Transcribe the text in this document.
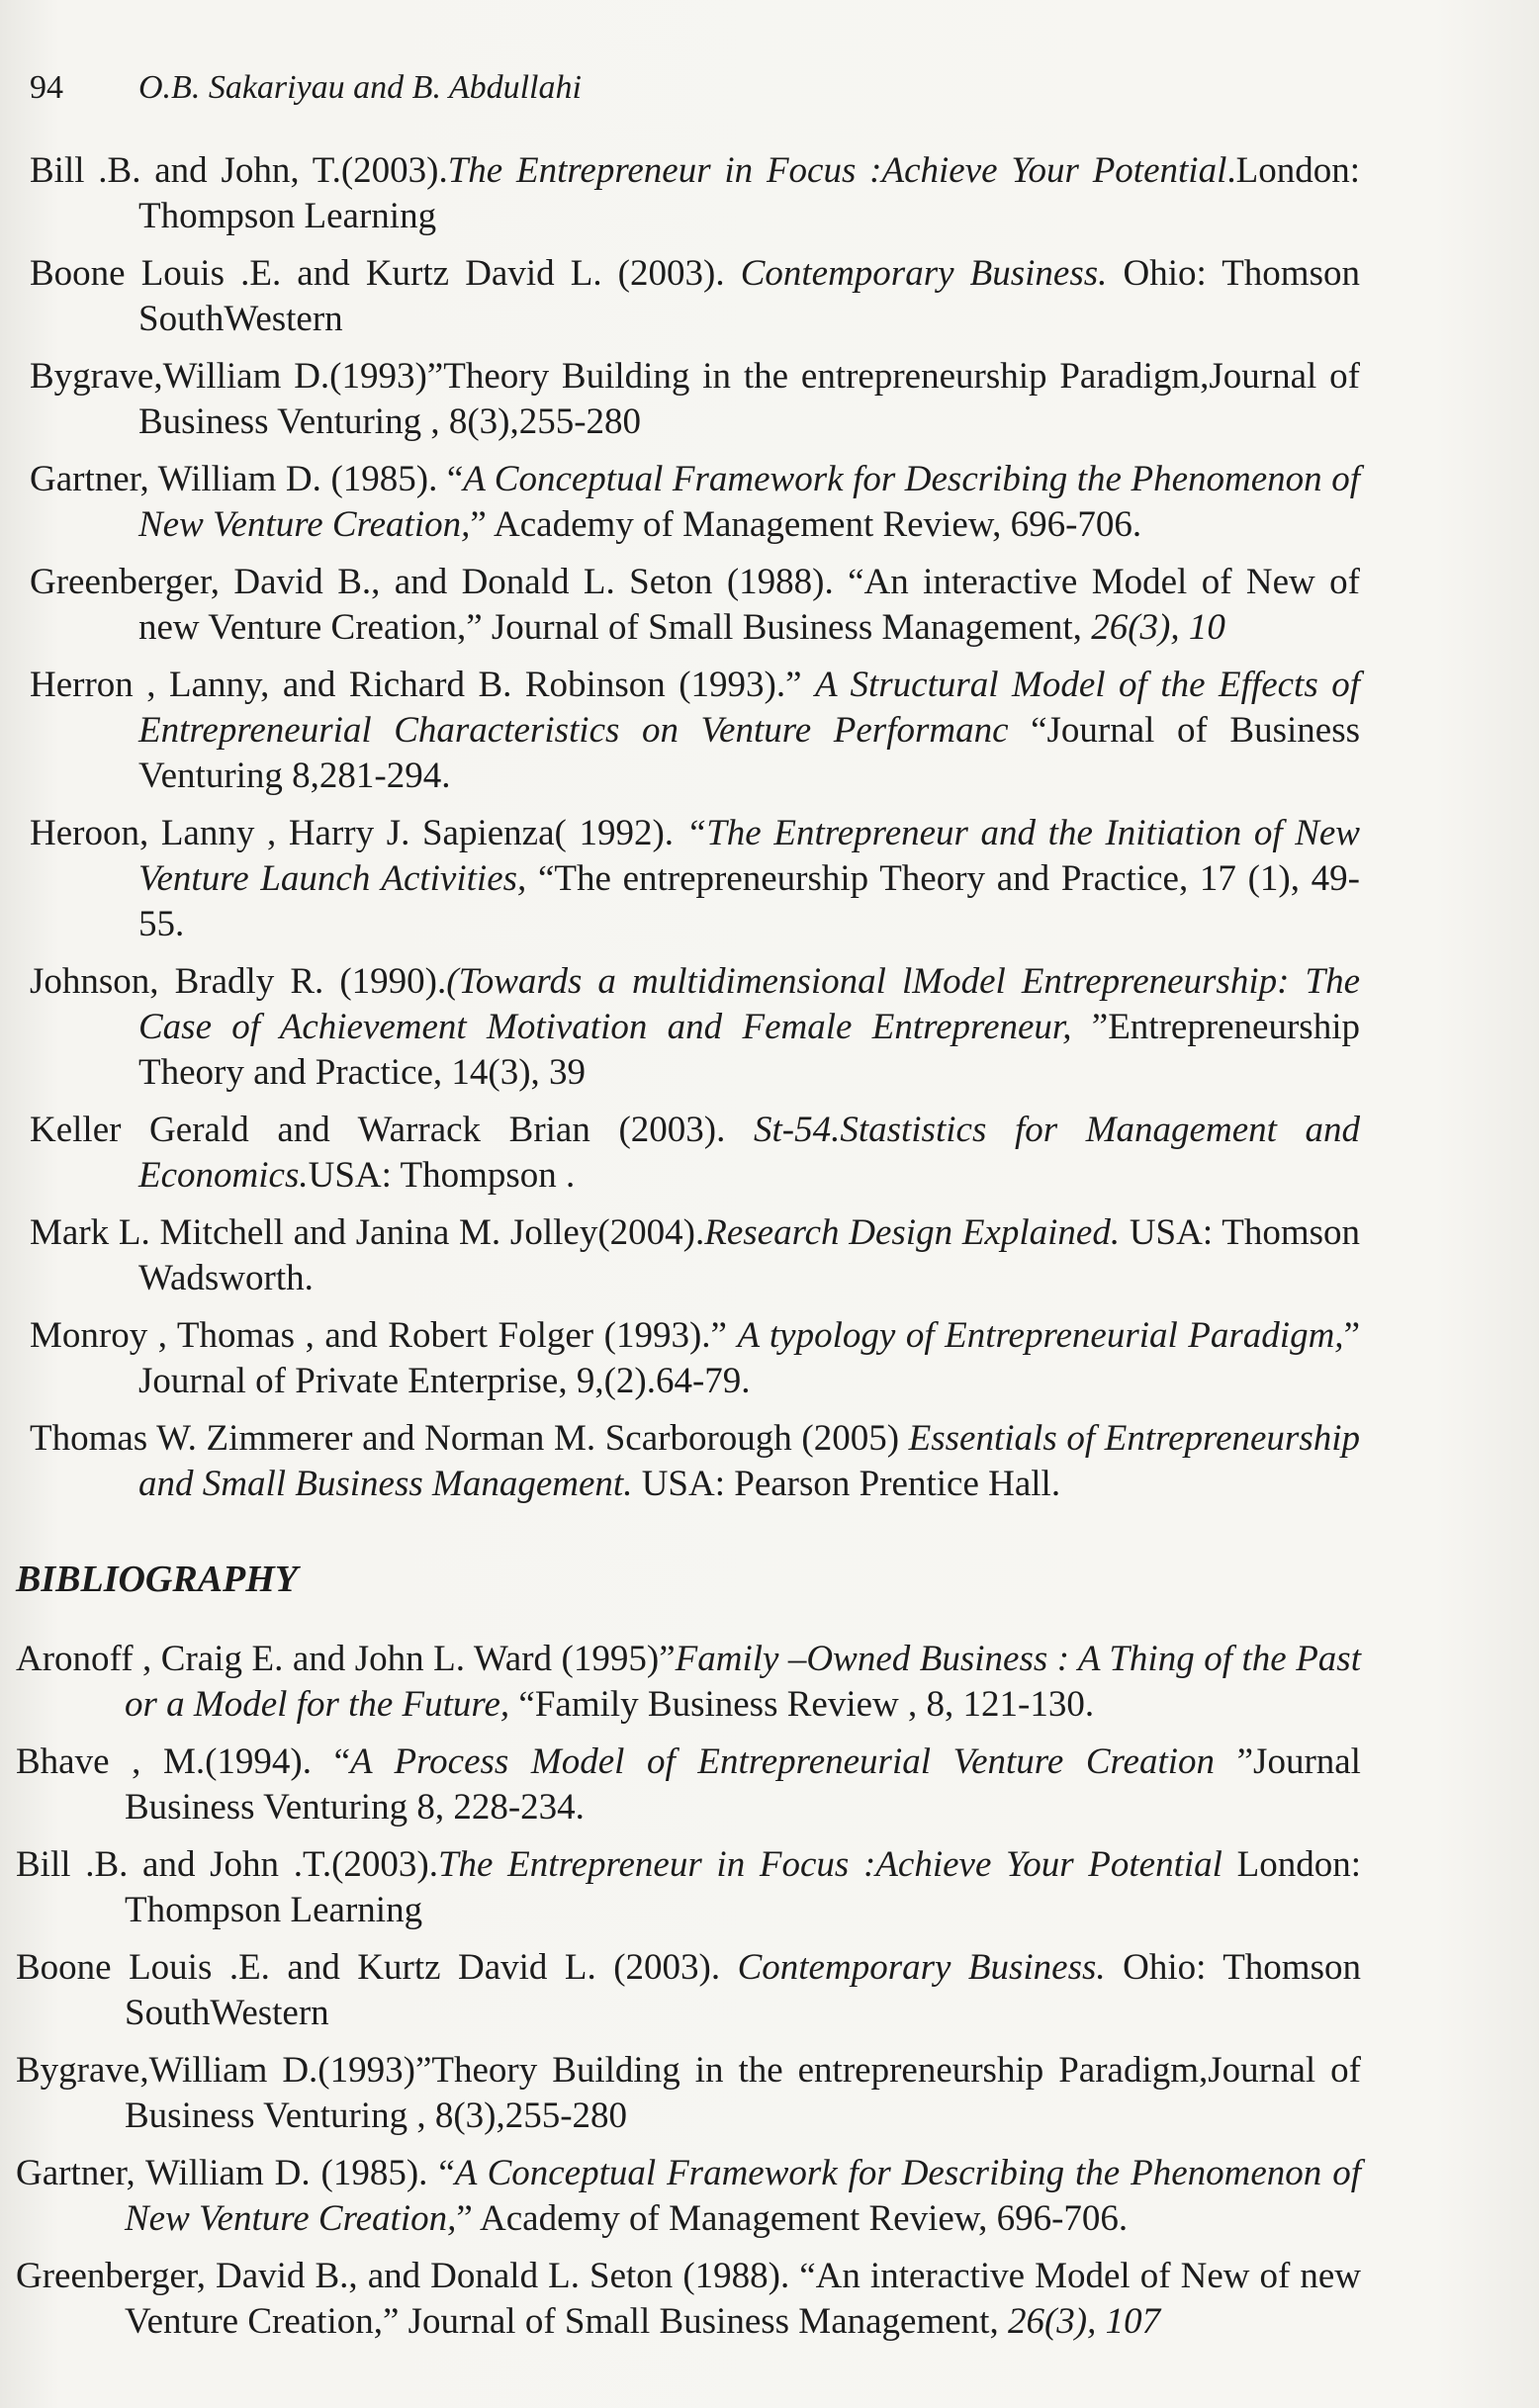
94	O.B. Sakariyau and B. Abdullahi
Bill .B. and John, T.(2003).The Entrepreneur in Focus :Achieve Your Potential.London: Thompson Learning
Boone Louis .E. and Kurtz David L. (2003). Contemporary Business. Ohio: Thomson SouthWestern
Bygrave,William D.(1993)”Theory Building in the entrepreneurship Paradigm,Journal of Business Venturing , 8(3),255-280
Gartner, William D. (1985). “A Conceptual Framework for Describing the Phenomenon of New Venture Creation,” Academy of Management Review, 696-706.
Greenberger, David B., and Donald L. Seton (1988). “An interactive Model of New of new Venture Creation,” Journal of Small Business Management, 26(3), 10
Herron , Lanny, and Richard B. Robinson (1993).” A Structural Model of the Effects of Entrepreneurial Characteristics on Venture Performanc “Journal of Business Venturing 8,281-294.
Heroon, Lanny , Harry J. Sapienza( 1992). “The Entrepreneur and the Initiation of New Venture Launch Activities, “The entrepreneurship Theory and Practice, 17 (1), 49-55.
Johnson, Bradly R. (1990).(Towards a multidimensional lModel Entrepreneurship: The Case of Achievement Motivation and Female Entrepreneur, ”Entrepreneurship Theory and Practice, 14(3), 39
Keller Gerald and Warrack Brian (2003). St-54.Stastistics for Management and Economics.USA: Thompson .
Mark L. Mitchell and Janina M. Jolley(2004).Research Design Explained. USA: Thomson Wadsworth.
Monroy , Thomas , and Robert Folger (1993).” A typology of Entrepreneurial Paradigm,” Journal of Private Enterprise, 9,(2).64-79.
Thomas W. Zimmerer and Norman M. Scarborough (2005) Essentials of Entrepreneurship and Small Business Management. USA: Pearson Prentice Hall.
BIBLIOGRAPHY
Aronoff , Craig E. and John L. Ward (1995)”Family –Owned Business : A Thing of the Past or a Model for the Future, “Family Business Review , 8, 121-130.
Bhave , M.(1994). “A Process Model of Entrepreneurial Venture Creation ”Journal Business Venturing 8, 228-234.
Bill .B. and John .T.(2003).The Entrepreneur in Focus :Achieve Your Potential London: Thompson Learning
Boone Louis .E. and Kurtz David L. (2003). Contemporary Business. Ohio: Thomson SouthWestern
Bygrave,William D.(1993)”Theory Building in the entrepreneurship Paradigm,Journal of Business Venturing , 8(3),255-280
Gartner, William D. (1985). “A Conceptual Framework for Describing the Phenomenon of New Venture Creation,” Academy of Management Review, 696-706.
Greenberger, David B., and Donald L. Seton (1988). “An interactive Model of New of new Venture Creation,” Journal of Small Business Management, 26(3), 107
